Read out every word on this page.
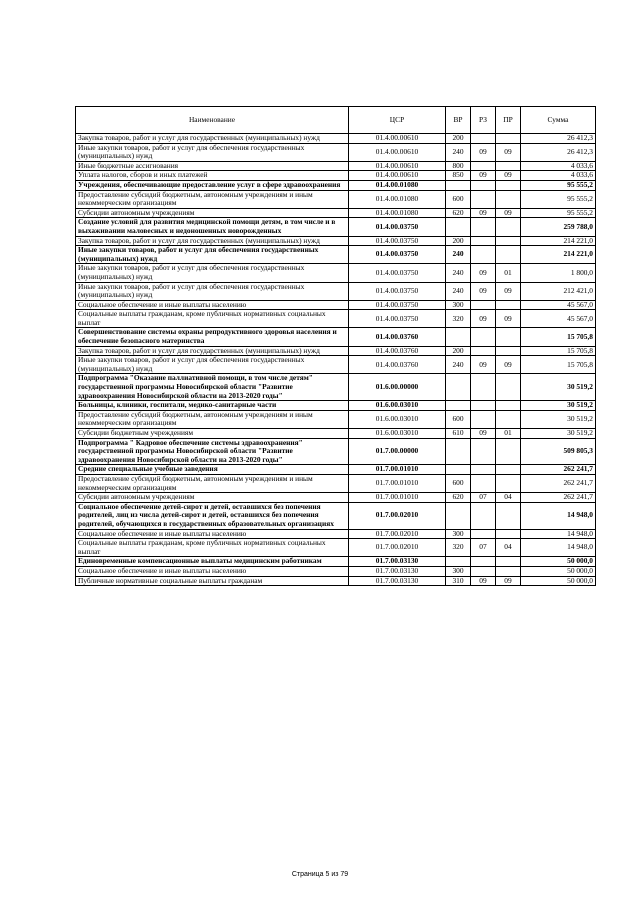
Наименование	ЦСР	ВР	РЗ	ПР	Сумма
Закупка товаров, работ и услуг для государственных (муниципальных) нужд	01.4.00.00610	200			26 412,3
Иные закупки товаров, работ и услуг для обеспечения государственных (муниципальных) нужд	01.4.00.00610	240	09	09	26 412,3
Иные бюджетные ассигнования	01.4.00.00610	800			4 033,6
Уплата налогов, сборов и иных платежей	01.4.00.00610	850	09	09	4 033,6
Учреждения, обеспечивающие предоставление услуг в сфере здравоохранения	01.4.00.01080				95 555,2
Предоставление субсидий бюджетным, автономным учреждениям и иным некоммерческим организациям	01.4.00.01080	600			95 555,2
Субсидии автономным учреждениям	01.4.00.01080	620	09	09	95 555,2
Создание условий для развития медицинской помощи детям, в том числе и в выхаживании маловесных и недоношенных новорожденных	01.4.00.03750				259 788,0
Закупка товаров, работ и услуг для государственных (муниципальных) нужд	01.4.00.03750	200			214 221,0
Иные закупки товаров, работ и услуг для обеспечения государственных (муниципальных) нужд	01.4.00.03750	240			214 221,0
Иные закупки товаров, работ и услуг для обеспечения государственных (муниципальных) нужд	01.4.00.03750	240	09	01	1 800,0
Иные закупки товаров, работ и услуг для обеспечения государственных (муниципальных) нужд	01.4.00.03750	240	09	09	212 421,0
Социальное обеспечение и иные выплаты населению	01.4.00.03750	300			45 567,0
Социальные выплаты гражданам, кроме публичных нормативных социальных выплат	01.4.00.03750	320	09	09	45 567,0
Совершенствование системы охраны репродуктивного здоровья населения и обеспечение безопасного материнства	01.4.00.03760				15 705,8
Закупка товаров, работ и услуг для государственных (муниципальных) нужд	01.4.00.03760	200			15 705,8
Иные закупки товаров, работ и услуг для обеспечения государственных (муниципальных) нужд	01.4.00.03760	240	09	09	15 705,8
Подпрограмма "Оказание паллиативной помощи, в том числе детям" государственной программы Новосибирской области "Развитие здравоохранения Новосибирской области на 2013-2020 годы"	01.6.00.00000				30 519,2
Больницы, клиники, госпитали, медико-санитарные части	01.6.00.03010				30 519,2
Предоставление субсидий бюджетным, автономным учреждениям и иным некоммерческим организациям	01.6.00.03010	600			30 519,2
Субсидии бюджетным учреждениям	01.6.00.03010	610	09	01	30 519,2
Подпрограмма " Кадровое обеспечение системы здравоохранения" государственной программы Новосибирской области "Развитие здравоохранения Новосибирской области на 2013-2020 годы"	01.7.00.00000				509 805,3
Средние специальные учебные заведения	01.7.00.01010				262 241,7
Предоставление субсидий бюджетным, автономным учреждениям и иным некоммерческим организациям	01.7.00.01010	600			262 241,7
Субсидии автономным учреждениям	01.7.00.01010	620	07	04	262 241,7
Социальное обеспечение детей-сирот и детей, оставшихся без попечения родителей, лиц из числа детей-сирот и детей, оставшихся без попечения родителей, обучающихся в государственных образовательных организациях	01.7.00.02010				14 948,0
Социальное обеспечение и иные выплаты населению	01.7.00.02010	300			14 948,0
Социальные выплаты гражданам, кроме публичных нормативных социальных выплат	01.7.00.02010	320	07	04	14 948,0
Единовременные компенсационные выплаты медицинским работникам	01.7.00.03130				50 000,0
Социальное обеспечение и иные выплаты населению	01.7.00.03130	300			50 000,0
Публичные нормативные социальные выплаты гражданам	01.7.00.03130	310	09	09	50 000,0
Страница 5 из 79
